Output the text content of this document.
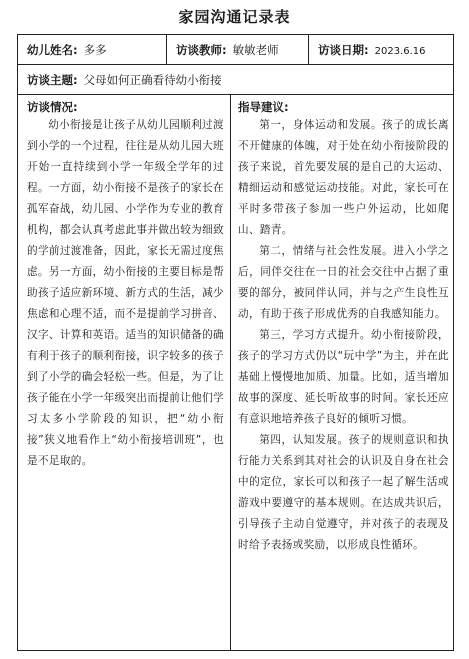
家园沟通记录表
幼儿姓名: 多多	访谈教师: 敏敏老师	访谈日期: 2023.6.16
访谈主题: 父母如何正确看待幼小衔接
访谈情况:

幼小衔接是让孩子从幼儿园顺利过渡到小学的一个过程，往往是从幼儿园大班开始一直持续到小学一年级全学年的过程。一方面，幼小衔接不是孩子的家长在孤军奋战，幼儿园、小学作为专业的教育机构，都会认真考虑此事并做出较为细致的学前过渡准备，因此，家长无需过度焦虑。另一方面，幼小衔接的主要目标是帮助孩子适应新环境、新方式的生活，减少焦虑和心理不适，而不是提前学习拼音、汉字、计算和英语。适当的知识储备的确有利于孩子的顺利衔接，识字较多的孩子到了小学的确会轻松一些。但是，为了让孩子能在小学一年级突出而提前让他们学习太多小学阶段的知识，把“幼小衔接”狭义地看作上“幼小衔接培训班”，也是不足取的。

指导建议:

第一，身体运动和发展。孩子的成长离不开健康的体魄，对于处在幼小衔接阶段的孩子来说，首先要发展的是自己的大运动、精细运动和感觉运动技能。对此，家长可在平时多带孩子参加一些户外运动，比如爬山、踏青。

第二，情绪与社会性发展。进入小学之后，同伴交往在一日的社会交往中占据了重要的部分，被同伴认同，并与之产生良性互动，有助于孩子形成优秀的自我感知能力。

第三，学习方式提升。幼小衔接阶段，孩子的学习方式仍以“玩中学”为主，并在此基础上慢慢地加质、加量。比如，适当增加故事的深度、延长听故事的时间。家长还应有意识地培养孩子良好的倾听习惯。

第四，认知发展。孩子的规则意识和执行能力关系到其对社会的认识及自身在社会中的定位，家长可以和孩子一起了解生活或游戏中要遵守的基本规则。在达成共识后，引导孩子主动自觉遵守，并对孩子的表现及时给予表扬或奖励，以形成良性循环。
